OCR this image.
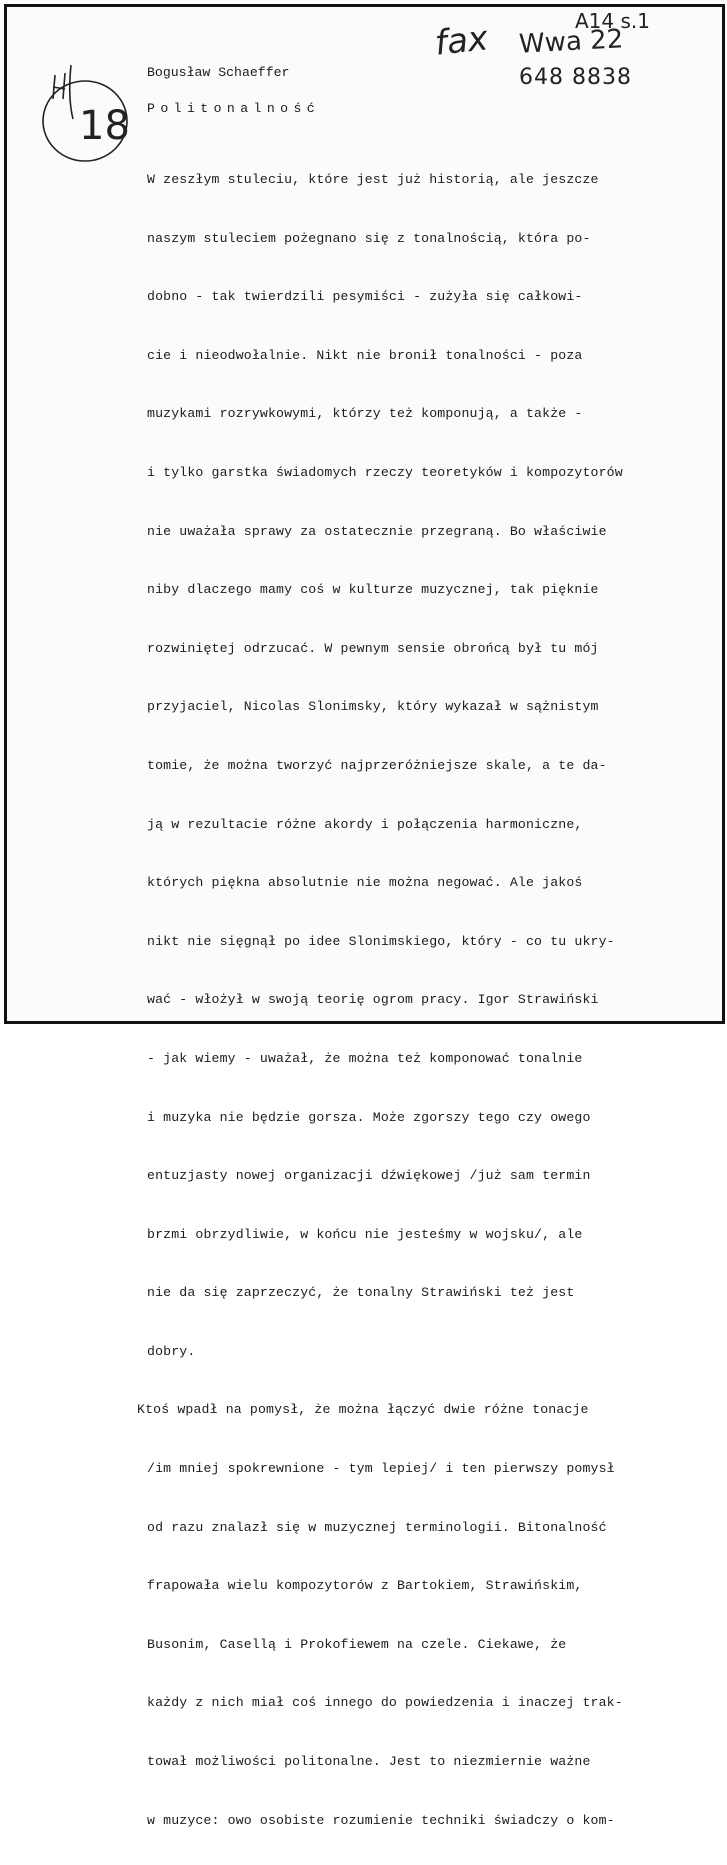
18
fax Wwa 22
A14 s.1
648 8838

Bogusław Schaeffer

Politonalność

W zeszłym stuleciu, które jest już historią, ale jeszcze

naszym stuleciem pożegnano się z tonalnością, która po-

dobno - tak twierdzili pesymiści - zużyła się całkowi-

cie i nieodwołalnie. Nikt nie bronił tonalności - poza

muzykami rozrywkowymi, którzy też komponują, a także -

i tylko garstka świadomych rzeczy teoretyków i kompozytorów

nie uważała sprawy za ostatecznie przegraną. Bo właściwie

niby dlaczego mamy coś w kulturze muzycznej, tak pięknie

rozwiniętej odrzucać. W pewnym sensie obrońcą był tu mój

przyjaciel, Nicolas Slonimsky, który wykazał w sążnistym

tomie, że można tworzyć najprzeróżniejsze skale, a te da-

ją w rezultacie różne akordy i połączenia harmoniczne,

których piękna absolutnie nie można negować. Ale jakoś

nikt nie sięgnął po idee Slonimskiego, który - co tu ukry-

wać - włożył w swoją teorię ogrom pracy. Igor Strawiński

- jak wiemy - uważał, że można też komponować tonalnie

i muzyka nie będzie gorsza. Może zgorszy tego czy owego

entuzjasty nowej organizacji dźwiękowej /już sam termin

brzmi obrzydliwie, w końcu nie jesteśmy w wojsku/, ale

nie da się zaprzeczyć, że tonalny Strawiński też jest

dobry.

Ktoś wpadł na pomysł, że można łączyć dwie różne tonacje

/im mniej spokrewnione - tym lepiej/ i ten pierwszy pomysł

od razu znalazł się w muzycznej terminologii. Bitonalność

frapowała wielu kompozytorów z Bartokiem, Strawińskim,

Busonim, Casellą i Prokofiewem na czele. Ciekawe, że

każdy z nich miał coś innego do powiedzenia i inaczej trak-

tował możliwości politonalne. Jest to niezmiernie ważne

w muzyce: owo osobiste rozumienie techniki świadczy o kom-
